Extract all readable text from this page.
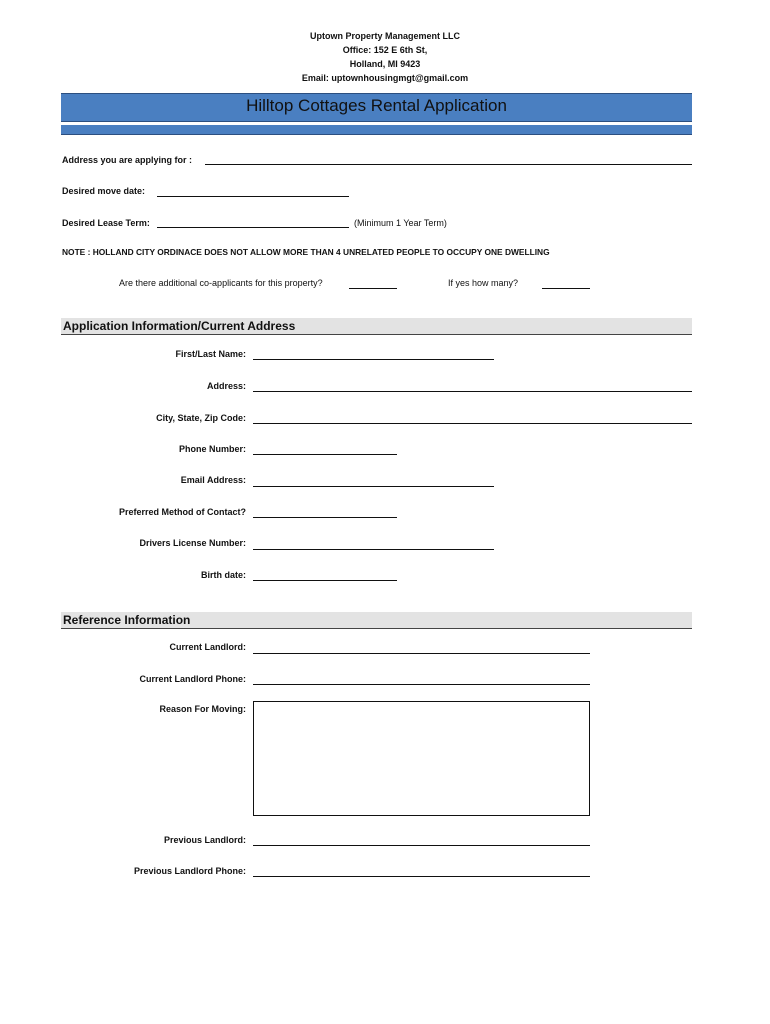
Uptown Property Management LLC
Office: 152 E 6th St,
Holland, MI 9423
Email: uptownhousingmgt@gmail.com
Hilltop Cottages Rental Application
Address you are applying for :
Desired move date:
Desired Lease Term:	(Minimum 1 Year Term)
NOTE : HOLLAND CITY ORDINACE DOES NOT ALLOW MORE THAN 4 UNRELATED PEOPLE TO OCCUPY ONE DWELLING
Are there additional co-applicants for this property?	If yes how many?
Application Information/Current Address
First/Last Name:
Address:
City, State, Zip Code:
Phone Number:
Email Address:
Preferred Method of Contact?
Drivers License Number:
Birth date:
Reference Information
Current Landlord:
Current Landlord Phone:
Reason For Moving:
Previous Landlord:
Previous Landlord Phone:
